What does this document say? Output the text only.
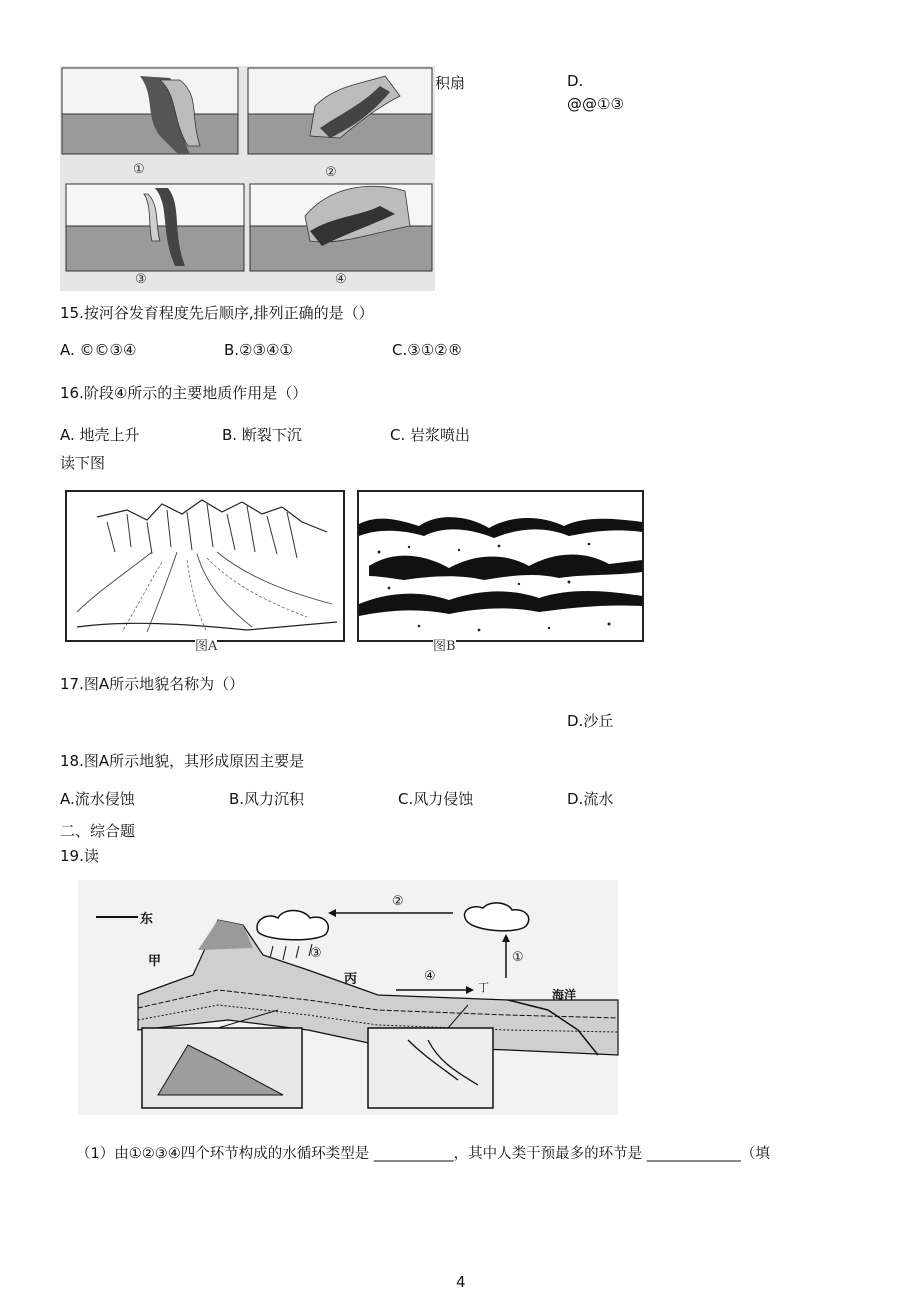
①	②
③	④
积扇	D.
@@①③
15.按河谷发育程度先后顺序,排列正确的是（）
A. ©©③④	B.②③④①	C.③①②®
16.阶段④所示的主要地质作用是（）
A. 地壳上升	B. 断裂下沉	C. 岩浆喷出
读下图
图A	图B
17.图A所示地貌名称为（）
D.沙丘
18.图A所示地貌，其形成原因主要是
A.流水侵蚀	B.风力沉积	C.风力侵蚀	D.流水
二、综合题
19.读
东
甲
丙
丁
海洋
①
②
③
④
（1）由①②③④四个环节构成的水循环类型是 ___________，其中人类干预最多的环节是 _____________（填
4
